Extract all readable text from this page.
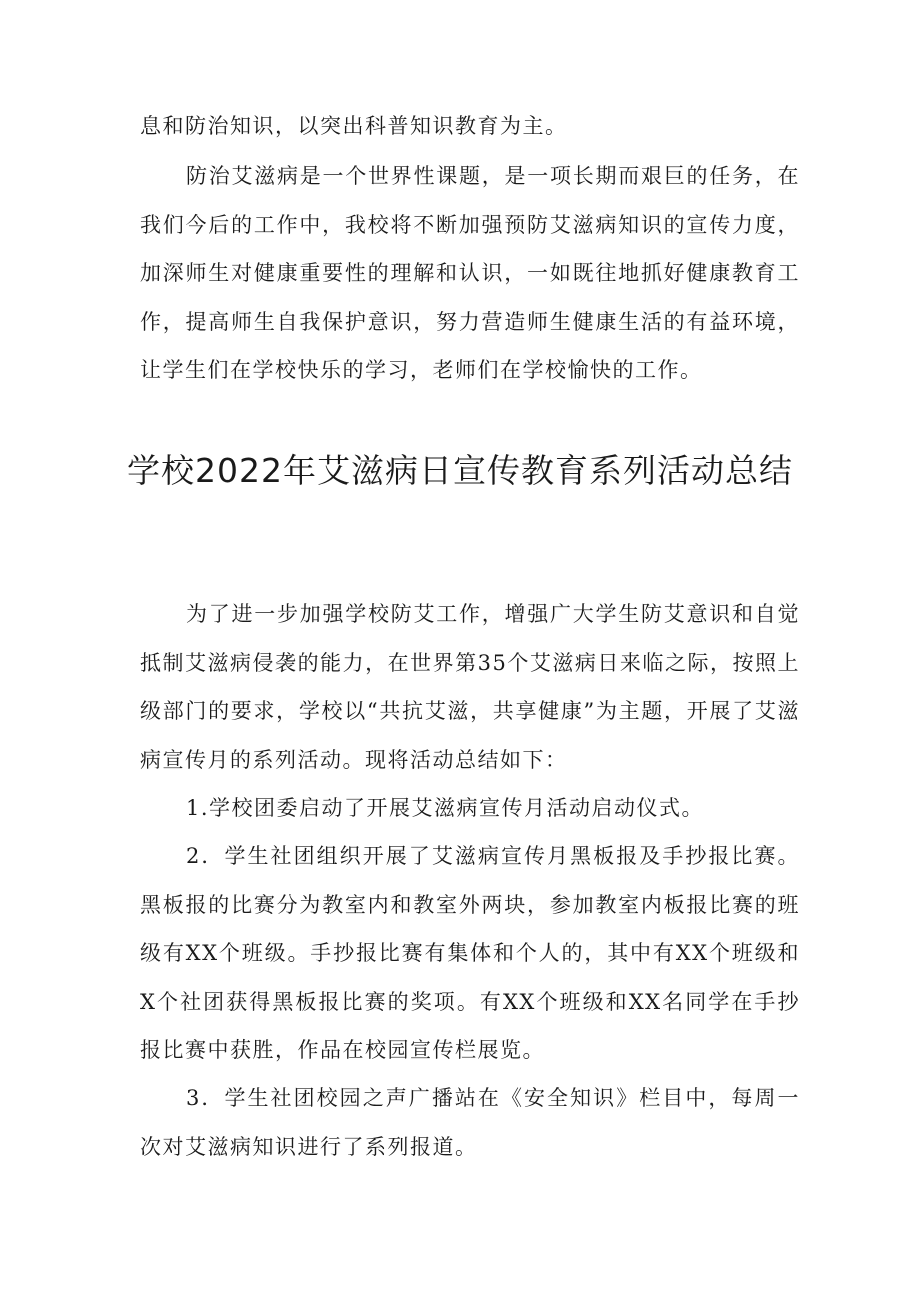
息和防治知识，以突出科普知识教育为主。

防治艾滋病是一个世界性课题，是一项长期而艰巨的任务，在我们今后的工作中，我校将不断加强预防艾滋病知识的宣传力度，加深师生对健康重要性的理解和认识，一如既往地抓好健康教育工作，提高师生自我保护意识，努力营造师生健康生活的有益环境，让学生们在学校快乐的学习，老师们在学校愉快的工作。

学校2022年艾滋病日宣传教育系列活动总结

为了进一步加强学校防艾工作，增强广大学生防艾意识和自觉抵制艾滋病侵袭的能力，在世界第35个艾滋病日来临之际，按照上级部门的要求，学校以“共抗艾滋，共享健康”为主题，开展了艾滋病宣传月的系列活动。现将活动总结如下：

1.学校团委启动了开展艾滋病宣传月活动启动仪式。

2．学生社团组织开展了艾滋病宣传月黑板报及手抄报比赛。黑板报的比赛分为教室内和教室外两块，参加教室内板报比赛的班级有XX个班级。手抄报比赛有集体和个人的，其中有XX个班级和X个社团获得黑板报比赛的奖项。有XX个班级和XX名同学在手抄报比赛中获胜，作品在校园宣传栏展览。

3．学生社团校园之声广播站在《安全知识》栏目中，每周一次对艾滋病知识进行了系列报道。
